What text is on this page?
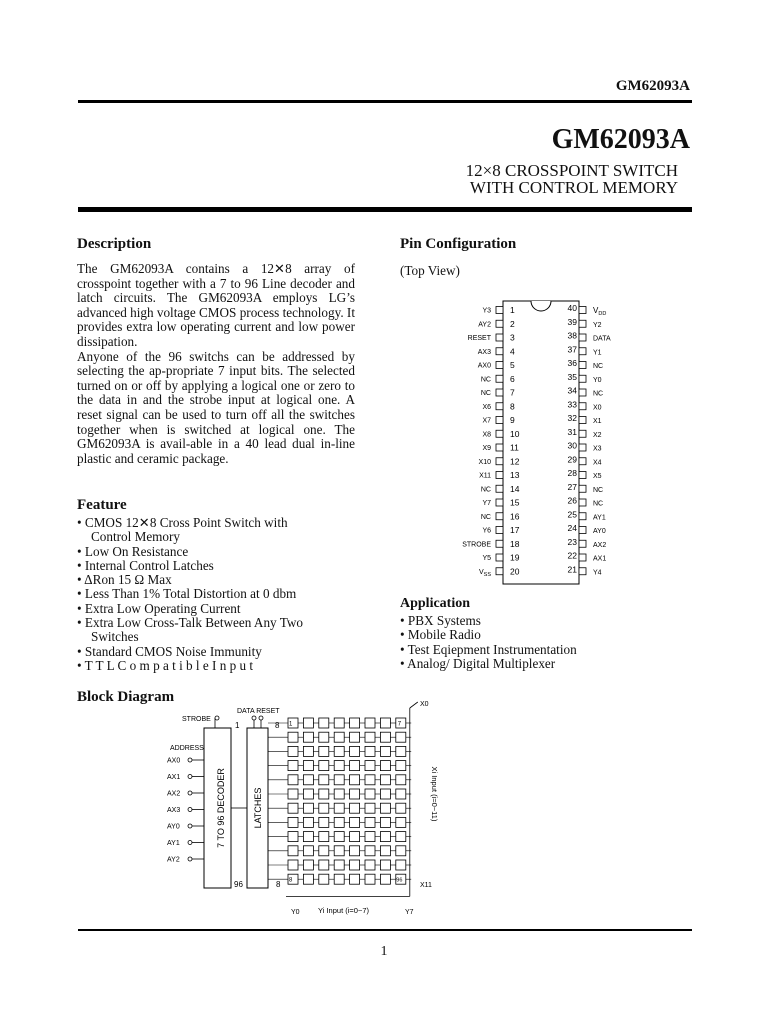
GM62093A
GM62093A
12×8 CROSSPOINT SWITCH
WITH CONTROL MEMORY
Description
The GM62093A contains a 12✕8 array of crosspoint together with a 7 to 96 Line decoder and latch circuits. The GM62093A employs LG’s advanced high voltage CMOS process technology. It provides extra low operating current and low power dissipation.
Anyone of the 96 switchs can be addressed by selecting the ap-propriate 7 input bits. The selected turned on or off by applying a logical one or zero to the data in and the strobe input at logical one. A reset signal can be used to turn off all the switches together when is switched at logical one. The GM62093A is avail-able in a 40 lead dual in-line plastic and ceramic package.
Feature
• CMOS 12✕8 Cross Point Switch with
Control Memory
• Low On Resistance
• Internal Control Latches
• ΔRon 15 Ω Max
• Less Than 1% Total Distortion at 0 dbm
• Extra Low Operating Current
• Extra Low Cross-Talk Between Any Two
Switches
• Standard CMOS Noise Immunity
• T T L C o m p a t i b l e I n p u t
Pin Configuration
(Top View)
Y3 1
AY2 2
RESET 3
AX3 4
AX0 5
NC 6
NC 7
X6 8
X7 9
X8 10
X9 11
X10 12
X11 13
NC 14
Y7 15
NC 16
Y6 17
STROBE 18
Y5 19
$V_{SS}$ 20
40 $V_{DD}$
39 Y2
38 DATA
37 Y1
36 NC
35 Y0
34 NC
33 X0
32 X1
31 X2
30 X3
29 X4
28 X5
27 NC
26 NC
25 AY1
24 AY0
23 AX2
22 AX1
21 Y4
Application
• PBX Systems
• Mobile Radio
• Test Eqiepment Instrumentation
• Analog/ Digital Multiplexer
Block Diagram
STROBE
DATA RESET
1	8
X0
ADDRESS
AX0
AX1
AX2
AX3
AY0
AY1
AY2
7 TO 96 DECODER	LATCHES
96	8
1	7
8	96
X11
Y0	Y7
Yi Input (i=0~7)
Xi Input (i=0~11)
1
